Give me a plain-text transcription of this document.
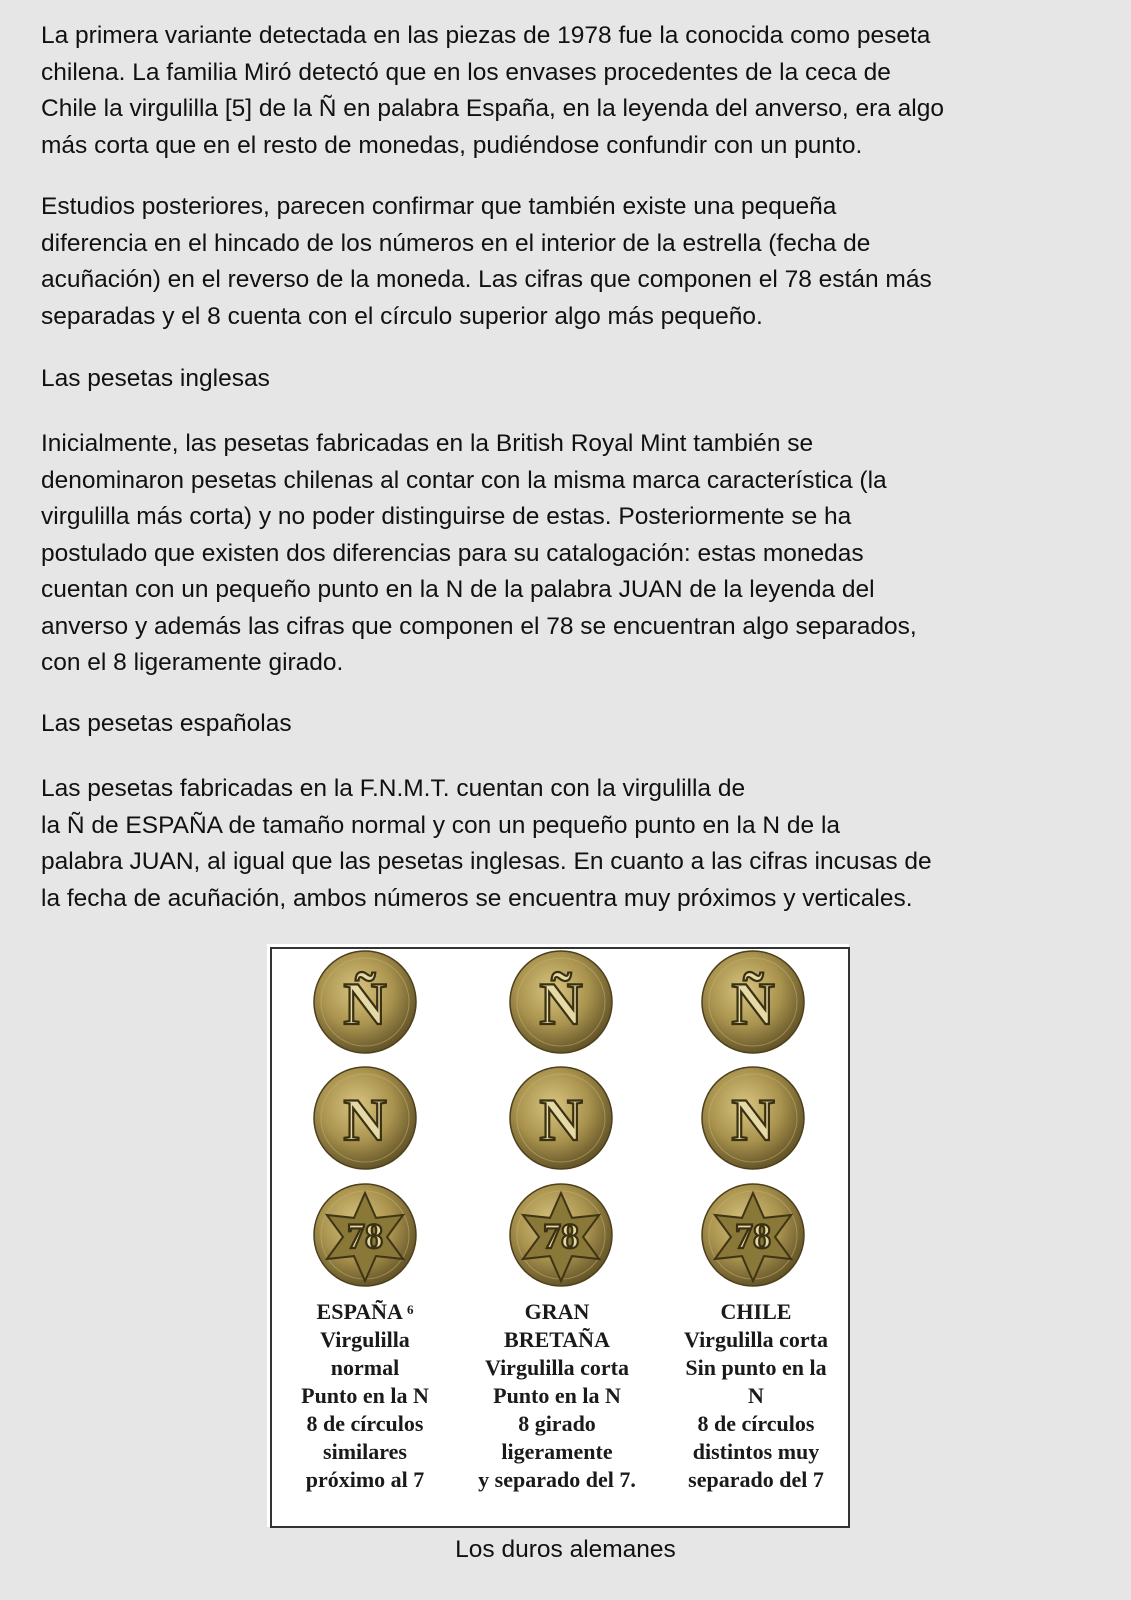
La primera variante detectada en las piezas de 1978 fue la conocida como peseta
chilena. La familia Miró detectó que en los envases procedentes de la ceca de
Chile la virgulilla [5] de la Ñ en palabra España, en la leyenda del anverso, era algo
más corta que en el resto de monedas, pudiéndose confundir con un punto.
Estudios posteriores, parecen confirmar que también existe una pequeña
diferencia en el hincado de los números en el interior de la estrella (fecha de
acuñación) en el reverso de la moneda. Las cifras que componen el 78 están más
separadas y el 8 cuenta con el círculo superior algo más pequeño.
Las pesetas inglesas
Inicialmente, las pesetas fabricadas en la British Royal Mint también se
denominaron pesetas chilenas al contar con la misma marca característica (la
virgulilla más corta) y no poder distinguirse de estas. Posteriormente se ha
postulado que existen dos diferencias para su catalogación: estas monedas
cuentan con un pequeño punto en la N de la palabra JUAN de la leyenda del
anverso y además las cifras que componen el 78 se encuentran algo separados,
con el 8 ligeramente girado.
Las pesetas españolas
Las pesetas fabricadas en la F.N.M.T. cuentan con la virgulilla de
la Ñ de ESPAÑA de tamaño normal y con un pequeño punto en la N de la
palabra JUAN, al igual que las pesetas inglesas. En cuanto a las cifras incusas de
la fecha de acuñación, ambos números se encuentra muy próximos y verticales.
Ñ
N
78
Ñ
N
78
Ñ
N
78
ESPAÑA $^6$
Virgulilla
normal
Punto en la N
8 de círculos
similares
próximo al 7
GRAN
BRETAÑA
Virgulilla corta
Punto en la N
8 girado
ligeramente
y separado del 7.
CHILE
Virgulilla corta
Sin punto en la
N
8 de círculos
distintos muy
separado del 7
Los duros alemanes
